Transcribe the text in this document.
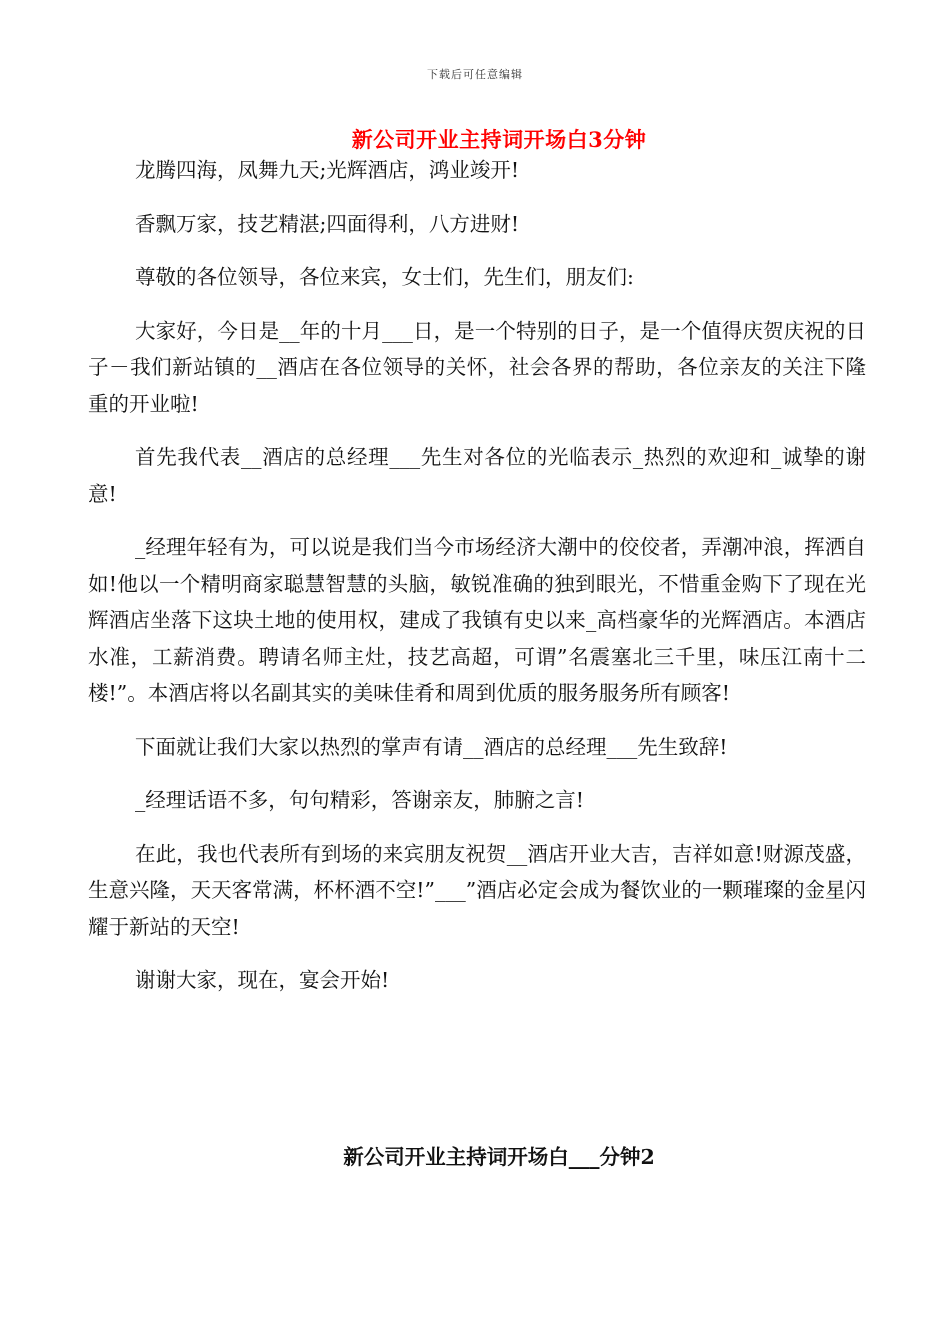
下载后可任意编辑
新公司开业主持词开场白3分钟

龙腾四海，凤舞九天;光辉酒店，鸿业竣开!

香飘万家，技艺精湛;四面得利，八方进财!

尊敬的各位领导，各位来宾，女士们，先生们，朋友们:

大家好，今日是__年的十月___日，是一个特别的日子，是一个值得庆贺庆祝的日子－我们新站镇的__酒店在各位领导的关怀，社会各界的帮助，各位亲友的关注下隆重的开业啦!

首先我代表__酒店的总经理___先生对各位的光临表示_热烈的欢迎和_诚挚的谢意!

_经理年轻有为，可以说是我们当今市场经济大潮中的佼佼者，弄潮冲浪，挥洒自如!他以一个精明商家聪慧智慧的头脑，敏锐准确的独到眼光，不惜重金购下了现在光辉酒店坐落下这块土地的使用权，建成了我镇有史以来_高档豪华的光辉酒店。本酒店水准，工薪消费。聘请名师主灶，技艺高超，可谓”名震塞北三千里，味压江南十二楼!”。本酒店将以名副其实的美味佳肴和周到优质的服务服务所有顾客!

下面就让我们大家以热烈的掌声有请__酒店的总经理___先生致辞!

_经理话语不多，句句精彩，答谢亲友，肺腑之言!

在此，我也代表所有到场的来宾朋友祝贺__酒店开业大吉，吉祥如意!财源茂盛，生意兴隆，天天客常满，杯杯酒不空!”___”酒店必定会成为餐饮业的一颗璀璨的金星闪耀于新站的天空!

谢谢大家，现在，宴会开始!

新公司开业主持词开场白___分钟2
